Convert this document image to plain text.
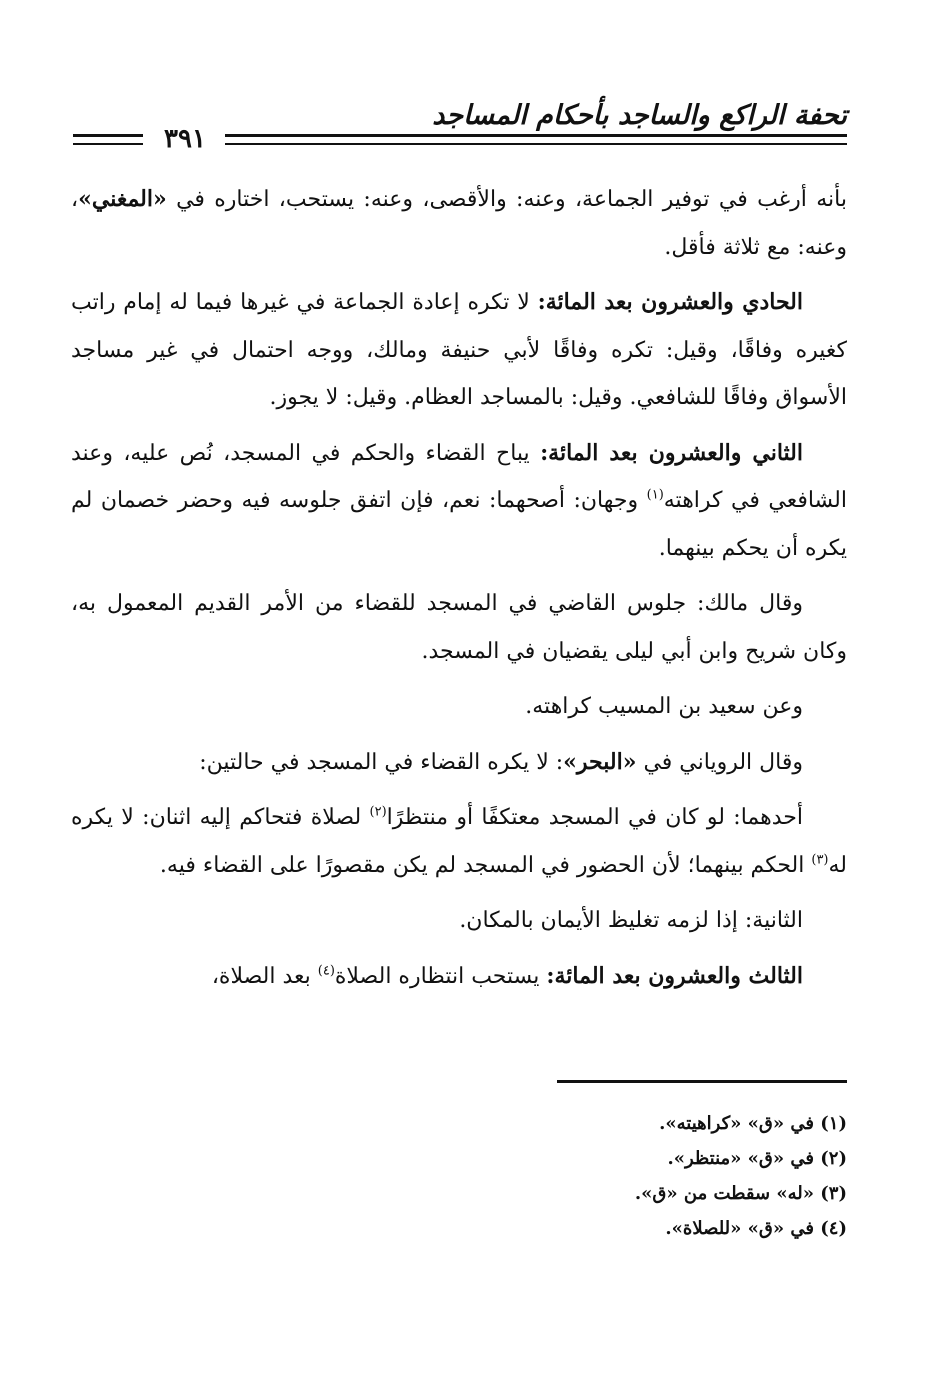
تحفة الراكع والساجد بأحكام المساجد
٣٩١

بأنه أرغب في توفير الجماعة، وعنه: والأقصى، وعنه: يستحب، اختاره في «المغني»، وعنه: مع ثلاثة فأقل.

الحادي والعشرون بعد المائة: لا تكره إعادة الجماعة في غيرها فيما له إمام راتب كغيره وفاقًا، وقيل: تكره وفاقًا لأبي حنيفة ومالك، ووجه احتمال في غير مساجد الأسواق وفاقًا للشافعي. وقيل: بالمساجد العظام. وقيل: لا يجوز.

الثاني والعشرون بعد المائة: يباح القضاء والحكم في المسجد، نُص عليه، وعند الشافعي في كراهته$^{(١)}$ وجهان: أصحهما: نعم، فإن اتفق جلوسه فيه وحضر خصمان لم يكره أن يحكم بينهما.

وقال مالك: جلوس القاضي في المسجد للقضاء من الأمر القديم المعمول به، وكان شريح وابن أبي ليلى يقضيان في المسجد.

وعن سعيد بن المسيب كراهته.

وقال الروياني في «البحر»: لا يكره القضاء في المسجد في حالتين:

أحدهما: لو كان في المسجد معتكفًا أو منتظرًا$^{(٢)}$ لصلاة فتحاكم إليه اثنان: لا يكره له$^{(٣)}$ الحكم بينهما؛ لأن الحضور في المسجد لم يكن مقصورًا على القضاء فيه.

الثانية: إذا لزمه تغليظ الأيمان بالمكان.

الثالث والعشرون بعد المائة: يستحب انتظاره الصلاة$^{(٤)}$ بعد الصلاة،

(١) في «ق» «كراهيته».

(٢) في «ق» «منتظر».

(٣) «له» سقطت من «ق».

(٤) في «ق» «للصلاة».
